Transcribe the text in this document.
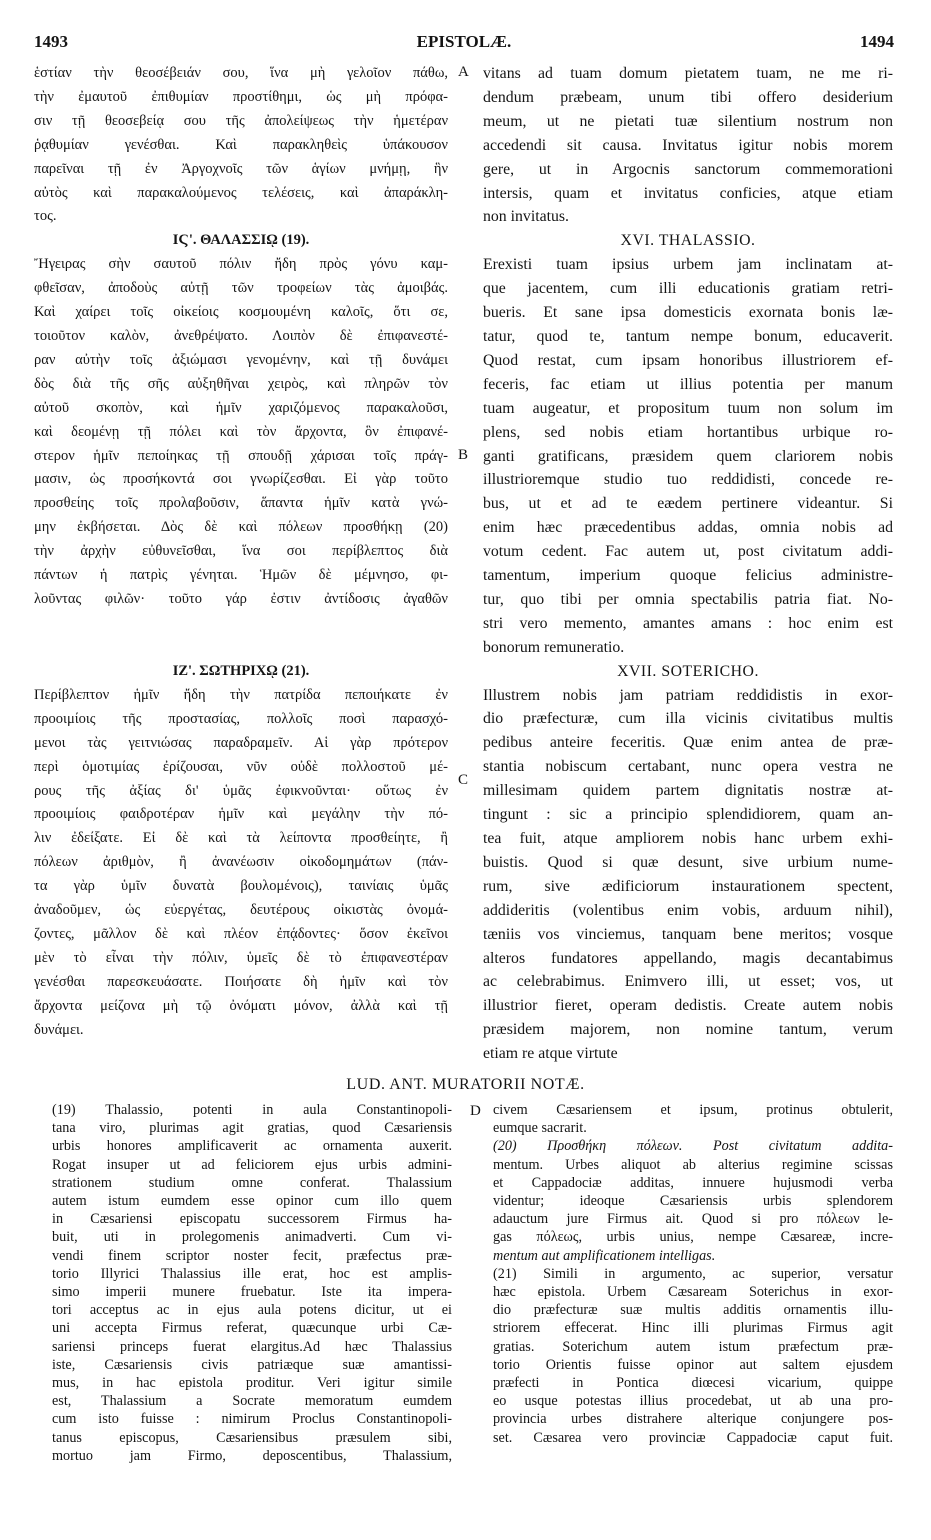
1493	EPISTOLÆ.	1494
ἑστίαν τὴν θεοσέβειάν σου, ἵνα μὴ γελοῖον πάθω,
τὴν ἐμαυτοῦ ἐπιθυμίαν προστίθημι, ὡς μὴ πρόφα-
σιν τῇ θεοσεβείᾳ σου τῆς ἀπολείψεως τὴν ἡμετέραν
ῥᾳθυμίαν γενέσθαι. Καὶ παρακληθεὶς ὑπάκουσον
παρεῖναι τῇ ἐν Ἀργοχνοῖς τῶν ἁγίων μνήμῃ, ἣν
αὐτὸς καὶ παρακαλούμενος τελέσεις, καὶ ἀπαράκλη-
τος.
ΙϚ'. ΘΑΛΑΣΣΙῼ (19).
Ἤγειρας σὴν σαυτοῦ πόλιν ἤδη πρὸς γόνυ καμ-
φθεῖσαν, ἀποδοὺς αὐτῇ τῶν τροφείων τὰς ἀμοιβάς.
Καὶ χαίρει τοῖς οἰκείοις κοσμουμένη καλοῖς, ὅτι σε,
τοιοῦτον καλὸν, ἀνεθρέψατο. Λοιπὸν δὲ ἐπιφανεστέ-
ραν αὐτὴν τοῖς ἀξιώμασι γενομένην, καὶ τῇ δυνάμει
δὸς διὰ τῆς σῆς αὐξηθῆναι χειρὸς, καὶ πληρῶν τὸν
αὐτοῦ σκοπὸν, καὶ ἡμῖν χαριζόμενος παρακαλοῦσι,
καὶ δεομένῃ τῇ πόλει καὶ τὸν ἄρχοντα, ὃν ἐπιφανέ-
στερον ἡμῖν πεποίηκας τῇ σπουδῇ χάρισαι τοῖς πράγ-
μασιν, ὡς προσήκοντά σοι γνωρίζεσθαι. Εἰ γὰρ τοῦτο
προσθείης τοῖς προλαβοῦσιν, ἅπαντα ἡμῖν κατὰ γνώ-
μην ἐκβήσεται. Δὸς δὲ καὶ πόλεων προσθήκῃ (20)
τὴν ἀρχὴν εὐθυνεῖσθαι, ἵνα σοι περίβλεπτος διὰ
πάντων ἡ πατρὶς γένηται. Ἡμῶν δὲ μέμνησο, φι-
λοῦντας φιλῶν· τοῦτο γάρ ἐστιν ἀντίδοσις ἀγαθῶν
ΙΖ'. ΣΩΤΗΡΙΧῼ (21).
Περίβλεπτον ἡμῖν ἤδη τὴν πατρίδα πεποιήκατε ἐν
προοιμίοις τῆς προστασίας, πολλοῖς ποσὶ παρασχό-
μενοι τὰς γειτνιώσας παραδραμεῖν. Αἱ γὰρ πρότερον
περὶ ὁμοτιμίας ἐρίζουσαι, νῦν οὐδὲ πολλοστοῦ μέ-
ρους τῆς ἀξίας δι' ὑμᾶς ἐφικνοῦνται· οὕτως ἐν
προοιμίοις φαιδροτέραν ἡμῖν καὶ μεγάλην τὴν πό-
λιν ἐδείξατε. Εἰ δὲ καὶ τὰ λείποντα προσθείητε, ἢ
πόλεων ἀριθμὸν, ἢ ἀνανέωσιν οἰκοδομημάτων (πάν-
τα γὰρ ὑμῖν δυνατὰ βουλομένοις), ταινίαις ὑμᾶς
ἀναδοῦμεν, ὡς εὐεργέτας, δευτέρους οἰκιστὰς ὀνομά-
ζοντες, μᾶλλον δὲ καὶ πλέον ἐπᾴδοντες· ὅσον ἐκεῖνοι
μὲν τὸ εἶναι τὴν πόλιν, ὑμεῖς δὲ τὸ ἐπιφανεστέραν
γενέσθαι παρεσκευάσατε. Ποιήσατε δὴ ἡμῖν καὶ τὸν
ἄρχοντα μείζονα μὴ τῷ ὀνόματι μόνον, ἀλλὰ καὶ τῇ
δυνάμει.
A
B
C
D
vitans ad tuam domum pietatem tuam, ne me ri-
dendum præbeam, unum tibi offero desiderium
meum, ut ne pietati tuæ silentium nostrum non
accedendi sit causa. Invitatus igitur nobis morem
gere, ut in Argocnis sanctorum commemorationi
intersis, quam et invitatus conficies, atque etiam
non invitatus.
XVI. THALASSIO.
Erexisti tuam ipsius urbem jam inclinatam at-
que jacentem, cum illi educationis gratiam retri-
bueris. Et sane ipsa domesticis exornata bonis læ-
tatur, quod te, tantum nempe bonum, educaverit.
Quod restat, cum ipsam honoribus illustriorem ef-
feceris, fac etiam ut illius potentia per manum
tuam augeatur, et propositum tuum non solum im
plens, sed nobis etiam hortantibus urbique ro-
ganti gratificans, præsidem quem clariorem nobis
illustrioremque studio tuo reddidisti, concede re-
bus, ut et ad te eædem pertinere videantur. Si
enim hæc præcedentibus addas, omnia nobis ad
votum cedent. Fac autem ut, post civitatum addi-
tamentum, imperium quoque felicius administre-
tur, quo tibi per omnia spectabilis patria fiat. No-
stri vero memento, amantes amans : hoc enim est
bonorum remuneratio.
XVII. SOTERICHO.
Illustrem nobis jam patriam reddidistis in exor-
dio præfecturæ, cum illa vicinis civitatibus multis
pedibus anteire feceritis. Quæ enim antea de præ-
stantia nobiscum certabant, nunc opera vestra ne
millesimam quidem partem dignitatis nostræ at-
tingunt : sic a principio splendidiorem, quam an-
tea fuit, atque ampliorem nobis hanc urbem exhi-
buistis. Quod si quæ desunt, sive urbium nume-
rum, sive ædificiorum instaurationem spectent,
addideritis (volentibus enim vobis, arduum nihil),
tæniis vos vinciemus, tanquam bene meritos; vosque
alteros fundatores appellando, magis decantabimus
ac celebrabimus. Enimvero illi, ut esset; vos, ut
illustrior fieret, operam dedistis. Create autem nobis
præsidem majorem, non nomine tantum, verum
etiam re atque virtute
LUD. ANT. MURATORII NOTÆ.
(19) Thalassio, potenti in aula Constantinopoli-
tana viro, plurimas agit gratias, quod Cæsariensis
urbis honores amplificaverit ac ornamenta auxerit.
Rogat insuper ut ad feliciorem ejus urbis admini-
strationem studium omne conferat. Thalassium
autem istum eumdem esse opinor cum illo quem
in Cæsariensi episcopatu successorem Firmus ha-
buit, uti in prolegomenis animadverti. Cum vi-
vendi finem scriptor noster fecit, præfectus præ-
torio Illyrici Thalassius ille erat, hoc est amplis-
simo imperii munere fruebatur. Iste ita impera-
tori acceptus ac in ejus aula potens dicitur, ut ei
uni accepta Firmus referat, quæcunque urbi Cæ-
sariensi princeps fuerat elargitus.Ad hæc Thalassius
iste, Cæsariensis civis patriæque suæ amantissi-
mus, in hac epistola proditur. Veri igitur simile
est, Thalassium a Socrate memoratum eumdem
cum isto fuisse : nimirum Proclus Constantinopoli-
tanus episcopus, Cæsariensibus præsulem sibi,
mortuo jam Firmo, deposcentibus, Thalassium,
civem Cæsariensem et ipsum, protinus obtulerit,
eumque sacrarit.
(20) Προσθήκη πόλεων. Post civitatum addita-
mentum. Urbes aliquot ab alterius regimine scissas
et Cappadociæ additas, innuere hujusmodi verba
videntur; ideoque Cæsariensis urbis splendorem
adauctum jure Firmus ait. Quod si pro πόλεων le-
gas πόλεως, urbis unius, nempe Cæsareæ, incre-
mentum aut amplificationem intelligas.
(21) Simili in argumento, ac superior, versatur
hæc epistola. Urbem Cæsaream Soterichus in exor-
dio præfecturæ suæ multis additis ornamentis illu-
striorem effecerat. Hinc illi plurimas Firmus agit
gratias. Soterichum autem istum præfectum præ-
torio Orientis fuisse opinor aut saltem ejusdem
præfecti in Pontica diœcesi vicarium, quippe
eo usque potestas illius procedebat, ut ab una pro-
provincia urbes distrahere alterique conjungere pos-
set. Cæsarea vero provinciæ Cappadociæ caput fuit.
